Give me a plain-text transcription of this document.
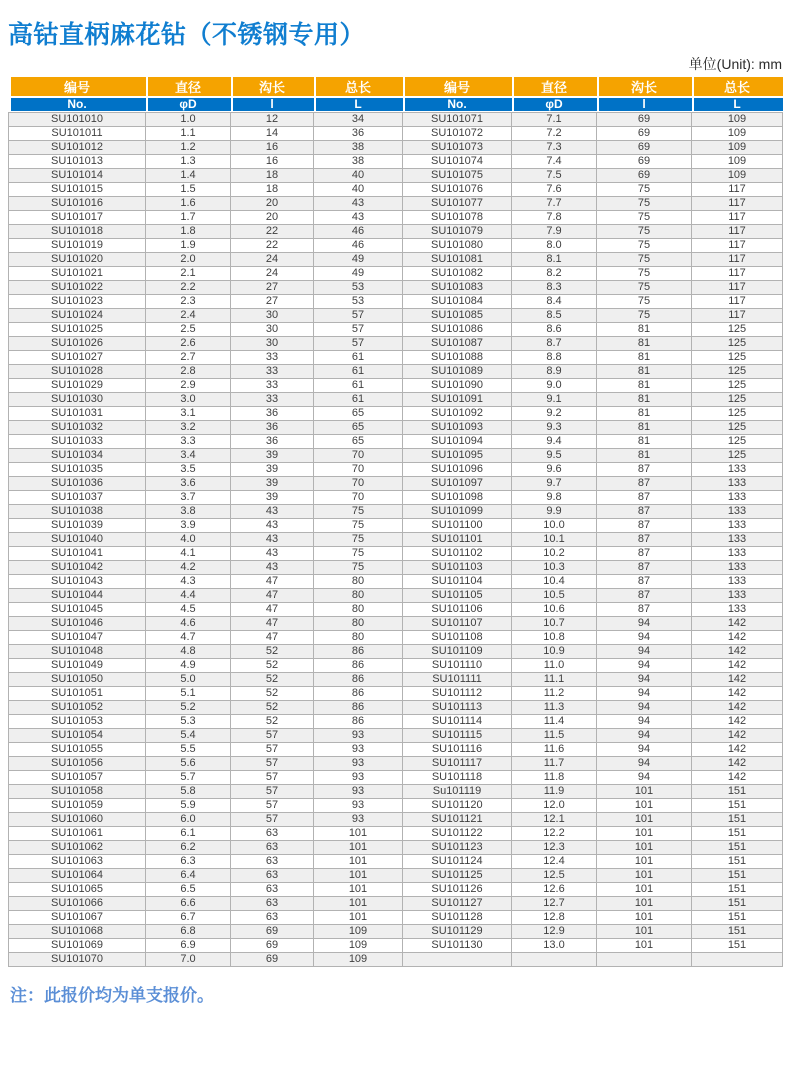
高钴直柄麻花钻（不锈钢专用）
单位(Unit): mm
编号	直径	沟长	总长	编号	直径	沟长	总长
No.	φD	l	L	No.	φD	l	L
SU101010	1.0	12	34	SU101071	7.1	69	109
SU101011	1.1	14	36	SU101072	7.2	69	109
SU101012	1.2	16	38	SU101073	7.3	69	109
SU101013	1.3	16	38	SU101074	7.4	69	109
SU101014	1.4	18	40	SU101075	7.5	69	109
SU101015	1.5	18	40	SU101076	7.6	75	117
SU101016	1.6	20	43	SU101077	7.7	75	117
SU101017	1.7	20	43	SU101078	7.8	75	117
SU101018	1.8	22	46	SU101079	7.9	75	117
SU101019	1.9	22	46	SU101080	8.0	75	117
SU101020	2.0	24	49	SU101081	8.1	75	117
SU101021	2.1	24	49	SU101082	8.2	75	117
SU101022	2.2	27	53	SU101083	8.3	75	117
SU101023	2.3	27	53	SU101084	8.4	75	117
SU101024	2.4	30	57	SU101085	8.5	75	117
SU101025	2.5	30	57	SU101086	8.6	81	125
SU101026	2.6	30	57	SU101087	8.7	81	125
SU101027	2.7	33	61	SU101088	8.8	81	125
SU101028	2.8	33	61	SU101089	8.9	81	125
SU101029	2.9	33	61	SU101090	9.0	81	125
SU101030	3.0	33	61	SU101091	9.1	81	125
SU101031	3.1	36	65	SU101092	9.2	81	125
SU101032	3.2	36	65	SU101093	9.3	81	125
SU101033	3.3	36	65	SU101094	9.4	81	125
SU101034	3.4	39	70	SU101095	9.5	81	125
SU101035	3.5	39	70	SU101096	9.6	87	133
SU101036	3.6	39	70	SU101097	9.7	87	133
SU101037	3.7	39	70	SU101098	9.8	87	133
SU101038	3.8	43	75	SU101099	9.9	87	133
SU101039	3.9	43	75	SU101100	10.0	87	133
SU101040	4.0	43	75	SU101101	10.1	87	133
SU101041	4.1	43	75	SU101102	10.2	87	133
SU101042	4.2	43	75	SU101103	10.3	87	133
SU101043	4.3	47	80	SU101104	10.4	87	133
SU101044	4.4	47	80	SU101105	10.5	87	133
SU101045	4.5	47	80	SU101106	10.6	87	133
SU101046	4.6	47	80	SU101107	10.7	94	142
SU101047	4.7	47	80	SU101108	10.8	94	142
SU101048	4.8	52	86	SU101109	10.9	94	142
SU101049	4.9	52	86	SU101110	11.0	94	142
SU101050	5.0	52	86	SU101111	11.1	94	142
SU101051	5.1	52	86	SU101112	11.2	94	142
SU101052	5.2	52	86	SU101113	11.3	94	142
SU101053	5.3	52	86	SU101114	11.4	94	142
SU101054	5.4	57	93	SU101115	11.5	94	142
SU101055	5.5	57	93	SU101116	11.6	94	142
SU101056	5.6	57	93	SU101117	11.7	94	142
SU101057	5.7	57	93	SU101118	11.8	94	142
SU101058	5.8	57	93	Su101119	11.9	101	151
SU101059	5.9	57	93	SU101120	12.0	101	151
SU101060	6.0	57	93	SU101121	12.1	101	151
SU101061	6.1	63	101	SU101122	12.2	101	151
SU101062	6.2	63	101	SU101123	12.3	101	151
SU101063	6.3	63	101	SU101124	12.4	101	151
SU101064	6.4	63	101	SU101125	12.5	101	151
SU101065	6.5	63	101	SU101126	12.6	101	151
SU101066	6.6	63	101	SU101127	12.7	101	151
SU101067	6.7	63	101	SU101128	12.8	101	151
SU101068	6.8	69	109	SU101129	12.9	101	151
SU101069	6.9	69	109	SU101130	13.0	101	151
SU101070	7.0	69	109				
注：此报价均为单支报价。
